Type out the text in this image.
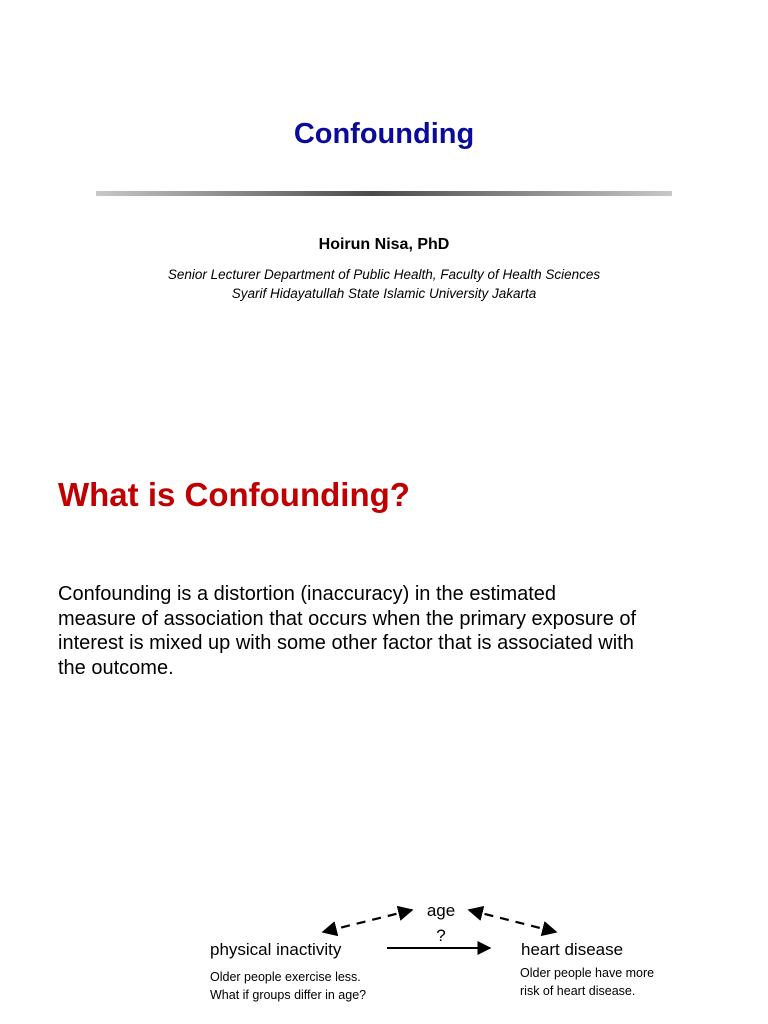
Confounding
Hoirun Nisa, PhD
Senior Lecturer Department of Public Health, Faculty of Health Sciences
Syarif Hidayatullah State Islamic University Jakarta
What is Confounding?
Confounding is a distortion (inaccuracy) in the estimated
measure of association that occurs when the primary exposure of
interest is mixed up with some other factor that is associated with
the outcome.
age
?
physical inactivity	heart disease
Older people exercise less.
What if groups differ in age?
Older people have more
risk of heart disease.
